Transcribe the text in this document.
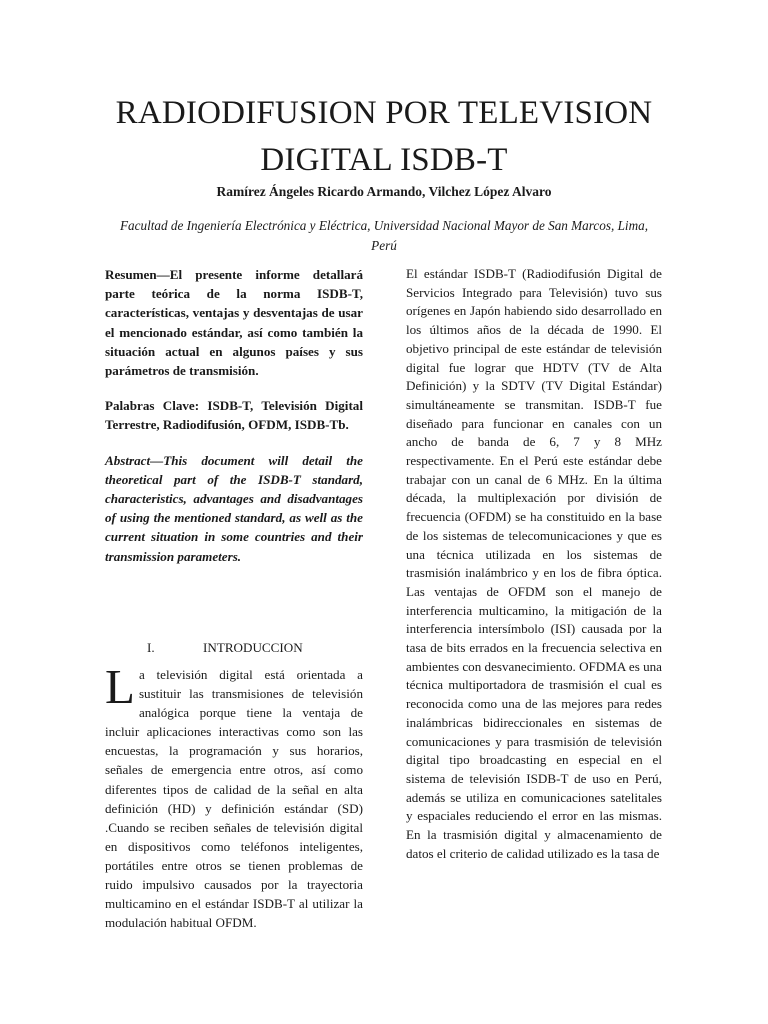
RADIODIFUSION POR TELEVISION DIGITAL ISDB-T
Ramírez Ángeles Ricardo Armando, Vilchez López Alvaro
Facultad de Ingeniería Electrónica y Eléctrica, Universidad Nacional Mayor de San Marcos, Lima, Perú

Resumen—El presente informe detallará parte teórica de la norma ISDB-T, características, ventajas y desventajas de usar el mencionado estándar, así como también la situación actual en algunos países y sus parámetros de transmisión.

Palabras Clave: ISDB-T, Televisión Digital Terrestre, Radiodifusión, OFDM, ISDB-Tb.

Abstract—This document will detail the theoretical part of the ISDB-T standard, characteristics, advantages and disadvantages of using the mentioned standard, as well as the current situation in some countries and their transmission parameters.

I.	INTRODUCCION

L a televisión digital está orientada a sustituir las transmisiones de televisión analógica porque tiene la ventaja de incluir aplicaciones interactivas como son las encuestas, la programación y sus horarios, señales de emergencia entre otros, así como diferentes tipos de calidad de la señal en alta definición (HD) y definición estándar (SD) .Cuando se reciben señales de televisión digital en dispositivos como teléfonos inteligentes, portátiles entre otros se tienen problemas de ruido impulsivo causados por la trayectoria multicamino en el estándar ISDB-T al utilizar la modulación habitual OFDM.

El estándar ISDB-T (Radiodifusión Digital de Servicios Integrado para Televisión) tuvo sus orígenes en Japón habiendo sido desarrollado en los últimos años de la década de 1990. El objetivo principal de este estándar de televisión digital fue lograr que HDTV (TV de Alta Definición) y la SDTV (TV Digital Estándar) simultáneamente se transmitan. ISDB-T fue diseñado para funcionar en canales con un ancho de banda de 6, 7 y 8 MHz respectivamente. En el Perú este estándar debe trabajar con un canal de 6 MHz. En la última década, la multiplexación por división de frecuencia (OFDM) se ha constituido en la base de los sistemas de telecomunicaciones y que es una técnica utilizada en los sistemas de trasmisión inalámbrico y en los de fibra óptica. Las ventajas de OFDM son el manejo de interferencia multicamino, la mitigación de la interferencia intersímbolo (ISI) causada por la tasa de bits errados en la frecuencia selectiva en ambientes con desvanecimiento. OFDMA es una técnica multiportadora de trasmisión el cual es reconocida como una de las mejores para redes inalámbricas bidireccionales en sistemas de comunicaciones y para trasmisión de televisión digital tipo broadcasting en especial en el sistema de televisión ISDB-T de uso en Perú, además se utiliza en comunicaciones satelitales y espaciales reduciendo el error en las mismas. En la trasmisión digital y almacenamiento de datos el criterio de calidad utilizado es la tasa de
